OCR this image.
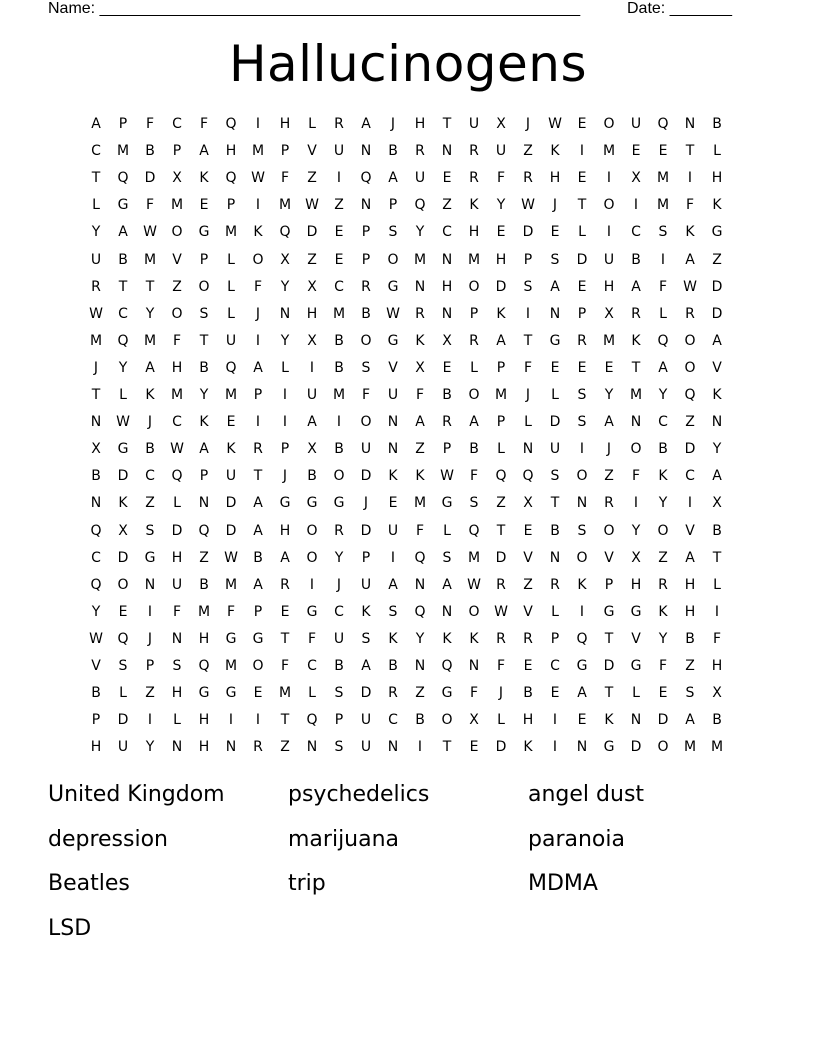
Name: ______________________________________________________	Date: _______
Hallucinogens
A	P	F	C	F	Q	I	H	L	R	A	J	H	T	U	X	J	W	E	O	U	Q	N	B
C	M	B	P	A	H	M	P	V	U	N	B	R	N	R	U	Z	K	I	M	E	E	T	L
T	Q	D	X	K	Q	W	F	Z	I	Q	A	U	E	R	F	R	H	E	I	X	M	I	H
L	G	F	M	E	P	I	M	W	Z	N	P	Q	Z	K	Y	W	J	T	O	I	M	F	K
Y	A	W	O	G	M	K	Q	D	E	P	S	Y	C	H	E	D	E	L	I	C	S	K	G
U	B	M	V	P	L	O	X	Z	E	P	O	M	N	M	H	P	S	D	U	B	I	A	Z
R	T	T	Z	O	L	F	Y	X	C	R	G	N	H	O	D	S	A	E	H	A	F	W	D
W	C	Y	O	S	L	J	N	H	M	B	W	R	N	P	K	I	N	P	X	R	L	R	D
M	Q	M	F	T	U	I	Y	X	B	O	G	K	X	R	A	T	G	R	M	K	Q	O	A
J	Y	A	H	B	Q	A	L	I	B	S	V	X	E	L	P	F	E	E	E	T	A	O	V
T	L	K	M	Y	M	P	I	U	M	F	U	F	B	O	M	J	L	S	Y	M	Y	Q	K
N	W	J	C	K	E	I	I	A	I	O	N	A	R	A	P	L	D	S	A	N	C	Z	N
X	G	B	W	A	K	R	P	X	B	U	N	Z	P	B	L	N	U	I	J	O	B	D	Y
B	D	C	Q	P	U	T	J	B	O	D	K	K	W	F	Q	Q	S	O	Z	F	K	C	A
N	K	Z	L	N	D	A	G	G	G	J	E	M	G	S	Z	X	T	N	R	I	Y	I	X
Q	X	S	D	Q	D	A	H	O	R	D	U	F	L	Q	T	E	B	S	O	Y	O	V	B
C	D	G	H	Z	W	B	A	O	Y	P	I	Q	S	M	D	V	N	O	V	X	Z	A	T
Q	O	N	U	B	M	A	R	I	J	U	A	N	A	W	R	Z	R	K	P	H	R	H	L
Y	E	I	F	M	F	P	E	G	C	K	S	Q	N	O	W	V	L	I	G	G	K	H	I
W	Q	J	N	H	G	G	T	F	U	S	K	Y	K	K	R	R	P	Q	T	V	Y	B	F
V	S	P	S	Q	M	O	F	C	B	A	B	N	Q	N	F	E	C	G	D	G	F	Z	H
B	L	Z	H	G	G	E	M	L	S	D	R	Z	G	F	J	B	E	A	T	L	E	S	X
P	D	I	L	H	I	I	T	Q	P	U	C	B	O	X	L	H	I	E	K	N	D	A	B
H	U	Y	N	H	N	R	Z	N	S	U	N	I	T	E	D	K	I	N	G	D	O	M	M
United Kingdom	psychedelics	angel dust
depression	marijuana	paranoia
Beatles	trip	MDMA
LSD
